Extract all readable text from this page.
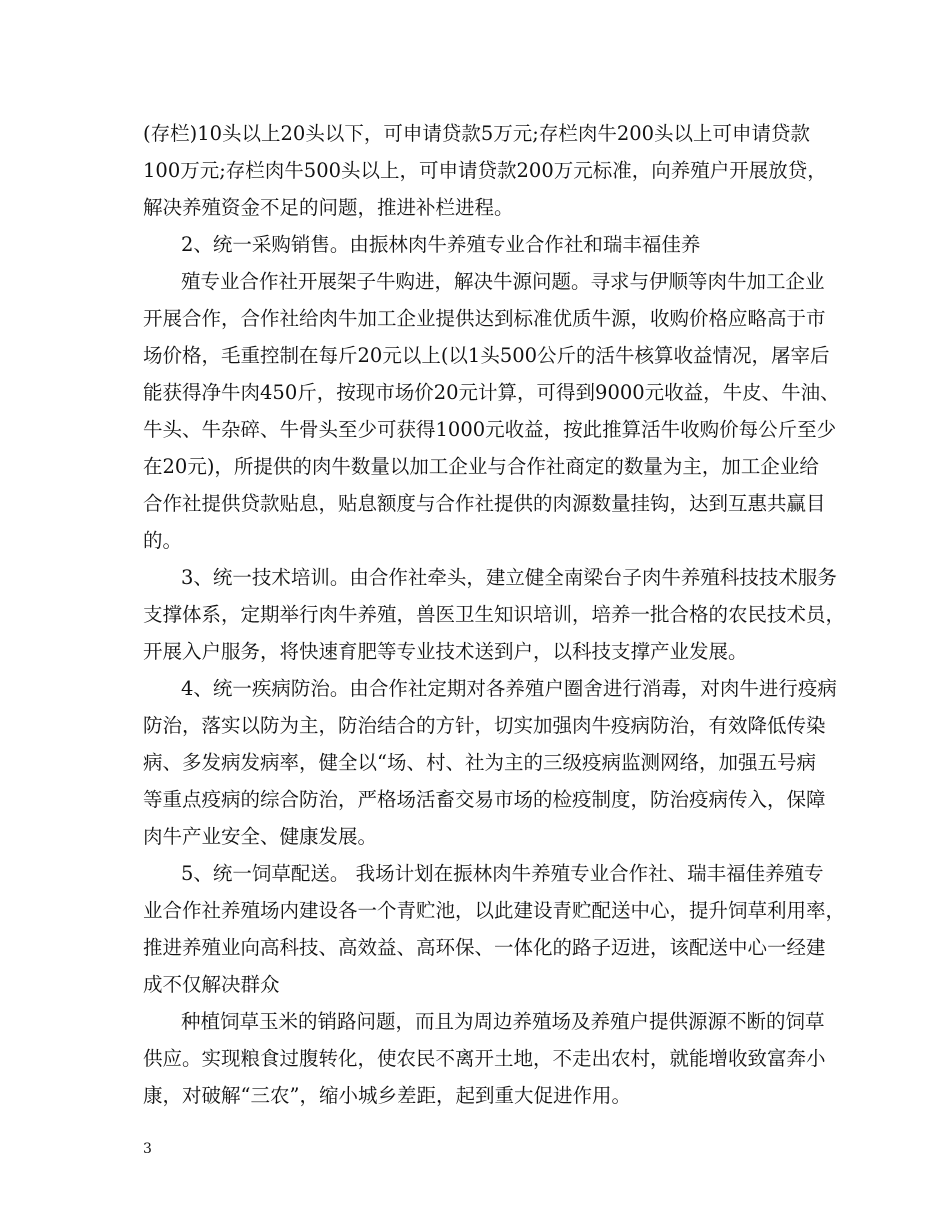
(存栏)10头以上20头以下，可申请贷款5万元;存栏肉牛200头以上可申请贷款
100万元;存栏肉牛500头以上，可申请贷款200万元标准，向养殖户开展放贷，
解决养殖资金不足的问题，推进补栏进程。
2、统一采购销售。由振林肉牛养殖专业合作社和瑞丰福佳养
殖专业合作社开展架子牛购进，解决牛源问题。寻求与伊顺等肉牛加工企业
开展合作，合作社给肉牛加工企业提供达到标准优质牛源，收购价格应略高于市
场价格，毛重控制在每斤20元以上(以1头500公斤的活牛核算收益情况，屠宰后
能获得净牛肉450斤，按现市场价20元计算，可得到9000元收益，牛皮、牛油、
牛头、牛杂碎、牛骨头至少可获得1000元收益，按此推算活牛收购价每公斤至少
在20元)，所提供的肉牛数量以加工企业与合作社商定的数量为主，加工企业给
合作社提供贷款贴息，贴息额度与合作社提供的肉源数量挂钩，达到互惠共赢目
的。
3、统一技术培训。由合作社牵头，建立健全南梁台子肉牛养殖科技技术服务
支撑体系，定期举行肉牛养殖，兽医卫生知识培训，培养一批合格的农民技术员，
开展入户服务，将快速育肥等专业技术送到户，以科技支撑产业发展。
4、统一疾病防治。由合作社定期对各养殖户圈舍进行消毒，对肉牛进行疫病
防治，落实以防为主，防治结合的方针，切实加强肉牛疫病防治，有效降低传染
病、多发病发病率，健全以“场、村、社为主的三级疫病监测网络，加强五号病
等重点疫病的综合防治，严格场活畜交易市场的检疫制度，防治疫病传入，保障
肉牛产业安全、健康发展。
5、统一饲草配送。 我场计划在振林肉牛养殖专业合作社、瑞丰福佳养殖专
业合作社养殖场内建设各一个青贮池，以此建设青贮配送中心，提升饲草利用率，
推进养殖业向高科技、高效益、高环保、一体化的路子迈进，该配送中心一经建
成不仅解决群众
种植饲草玉米的销路问题，而且为周边养殖场及养殖户提供源源不断的饲草
供应。实现粮食过腹转化，使农民不离开土地，不走出农村，就能增收致富奔小
康，对破解“三农”，缩小城乡差距，起到重大促进作用。
3
